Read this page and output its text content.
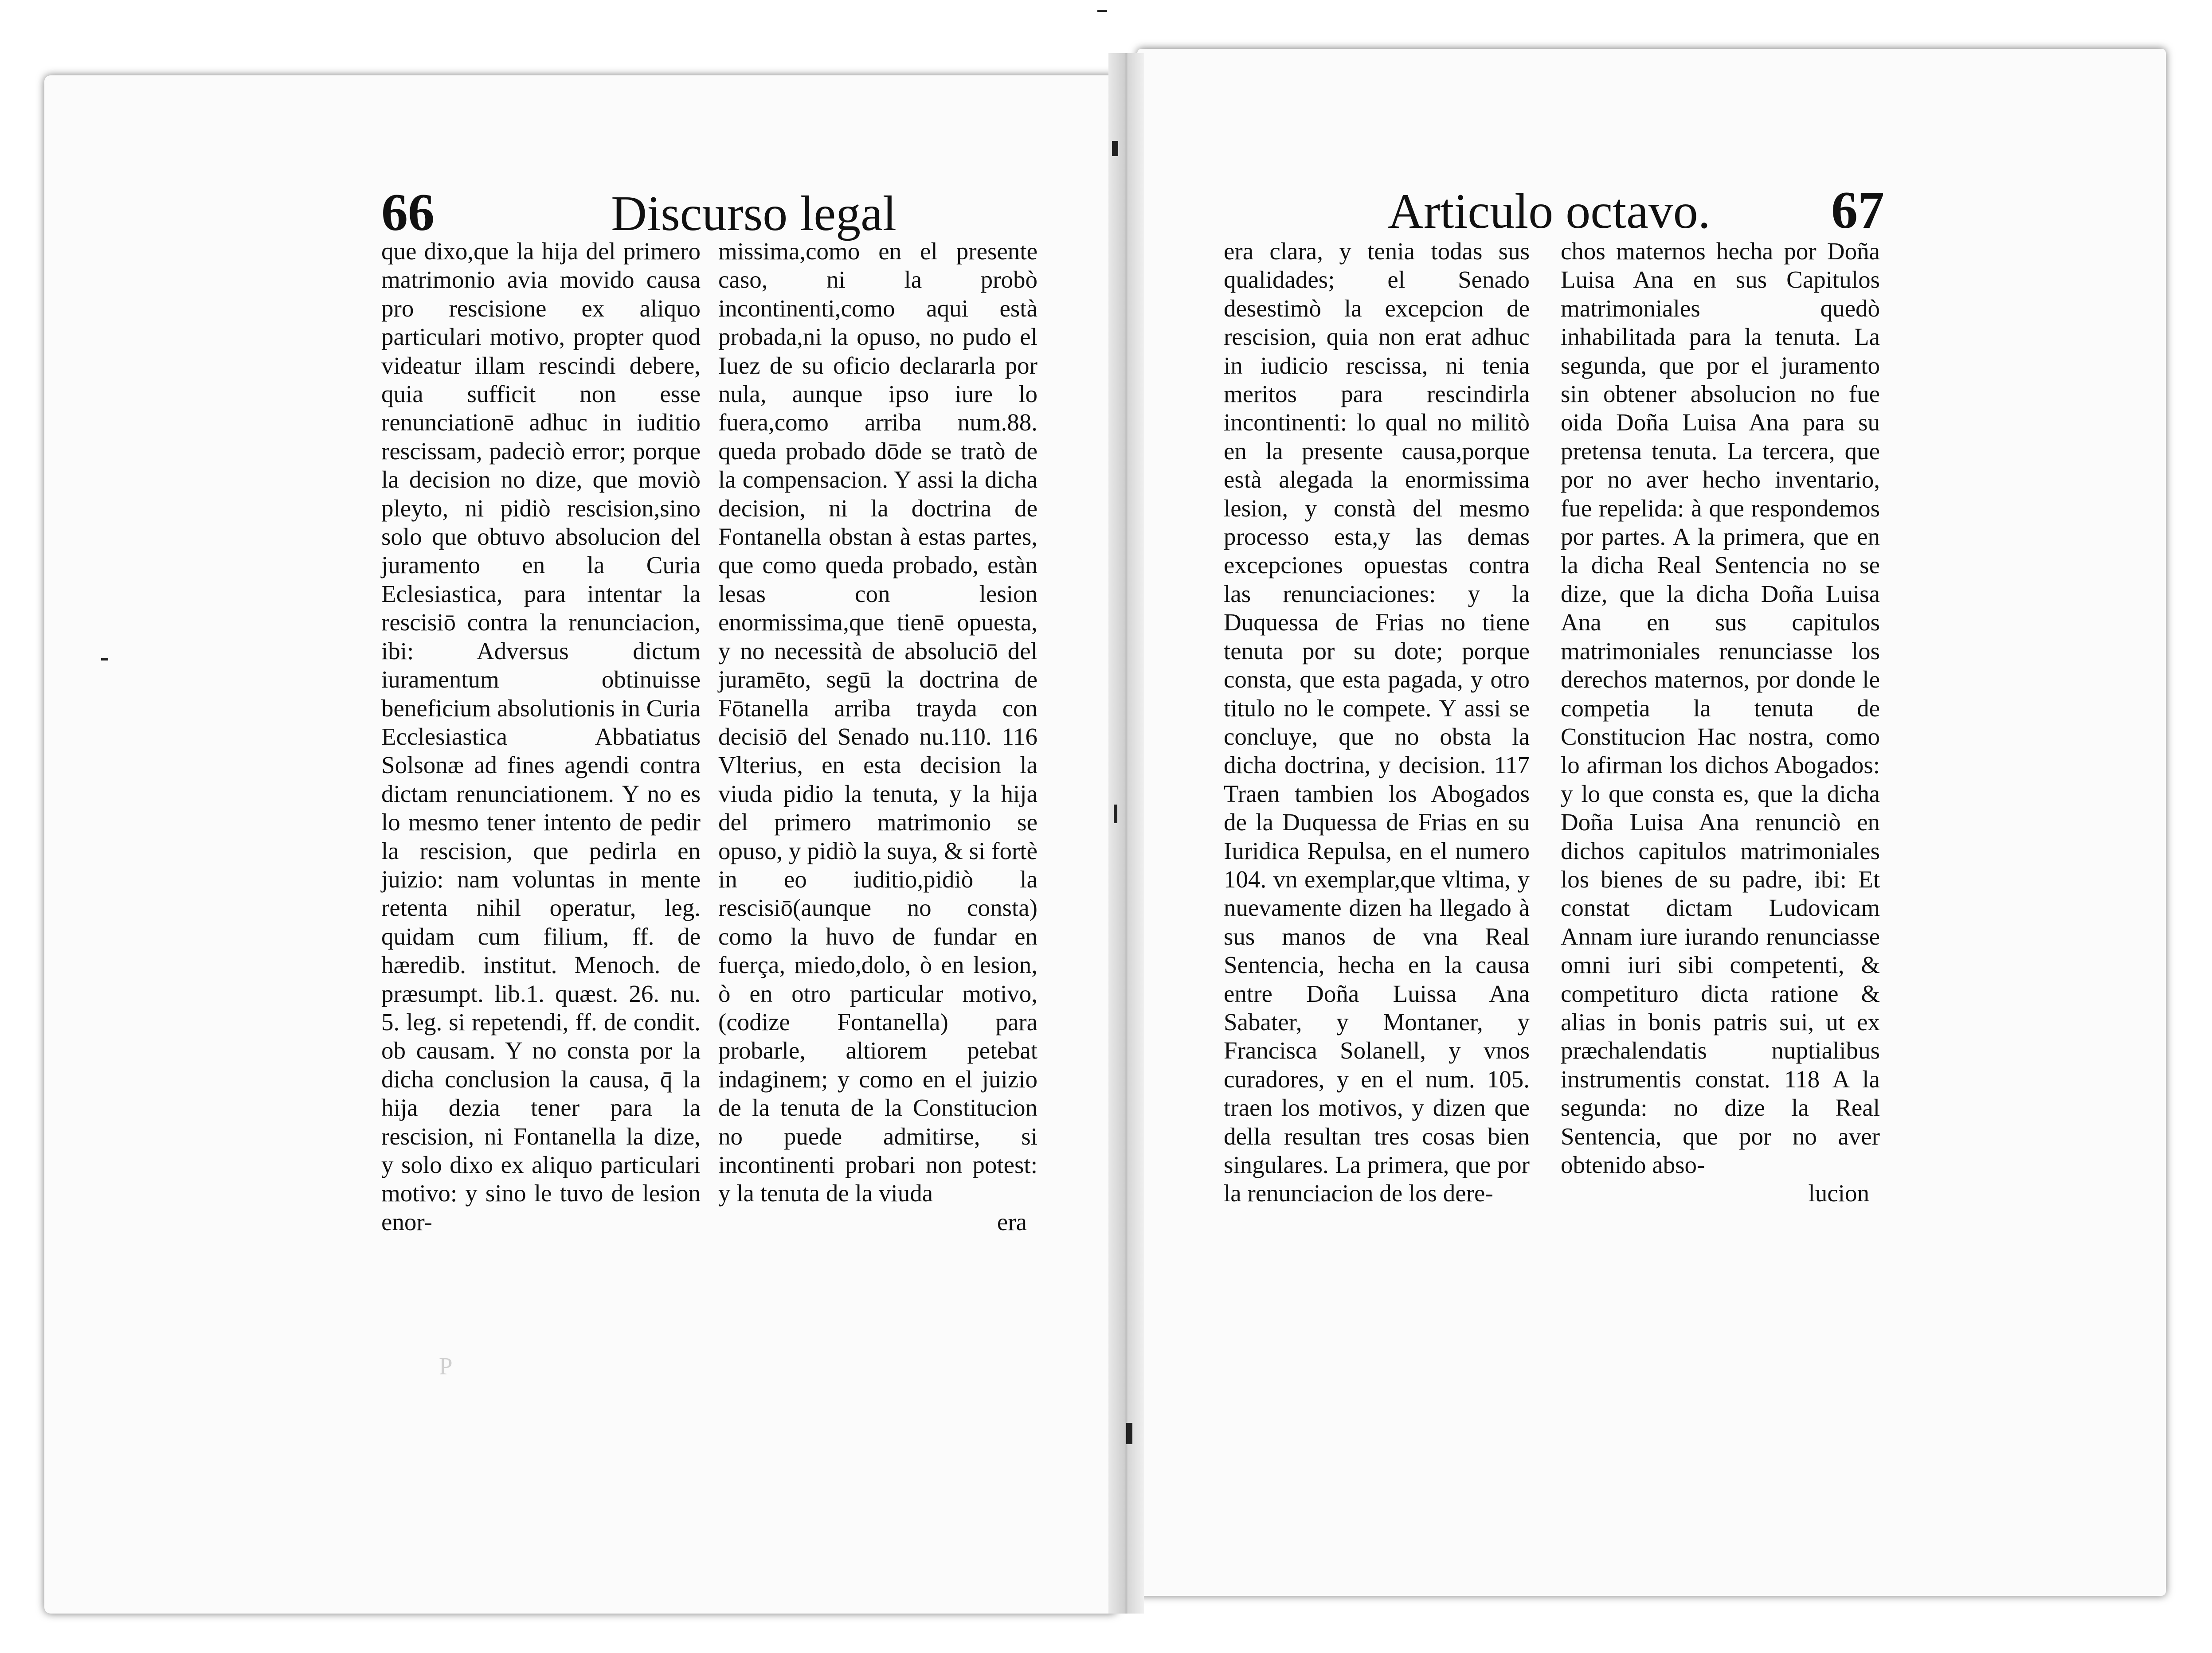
66	Discurso legal

que dixo,que la hija del primero matrimonio avia movido causa pro rescisione ex aliquo particulari motivo, propter quod videatur illam rescindi debere, quia sufficit non esse renunciationē adhuc in iuditio rescissam, padeciò error; porque la decision no dize, que moviò pleyto, ni pidiò rescision,sino solo que obtuvo absolucion del juramento en la Curia Eclesiastica, para intentar la rescisiō contra la renunciacion, ibi: Adversus dictum iuramentum obtinuisse beneficium absolutionis in Curia Ecclesiastica Abbatiatus Solsonæ ad fines agendi contra dictam renunciationem. Y no es lo mesmo tener intento de pedir la rescision, que pedirla en juizio: nam voluntas in mente retenta nihil operatur, leg. quidam cum filium, ff. de hæredib. institut. Menoch. de præsumpt. lib.1. quæst. 26. nu. 5. leg. si repetendi, ff. de condit. ob causam. Y no consta por la dicha conclusion la causa, q̄ la hija dezia tener para la rescision, ni Fontanella la dize, y solo dixo ex aliquo particulari motivo: y sino le tuvo de lesion enor-

missima,como en el presente caso, ni la probò incontinenti,como aqui està probada,ni la opuso, no pudo el Iuez de su oficio declararla por nula, aunque ipso iure lo fuera,como arriba num.88. queda probado dōde se tratò de la compensacion. Y assi la dicha decision, ni la doctrina de Fontanella obstan à estas partes, que como queda probado, estàn lesas con lesion enormissima,que tienē opuesta, y no necessità de absoluciō del juramēto, segū la doctrina de Fōtanella arriba trayda con decisiō del Senado nu.110. 116 Vlterius, en esta decision la viuda pidio la tenuta, y la hija del primero matrimonio se opuso, y pidiò la suya, & si fortè in eo iuditio,pidiò la rescisiō(aunque no consta) como la huvo de fundar en fuerça, miedo,dolo, ò en lesion, ò en otro particular motivo, (codize Fontanella) para probarle, altiorem petebat indaginem; y como en el juizio de la tenuta de la Constitucion no puede admitirse, si incontinenti probari non potest: y la tenuta de la viuda

era
P
Articulo octavo. 67

era clara, y tenia todas sus qualidades; el Senado desestimò la excepcion de rescision, quia non erat adhuc in iudicio rescissa, ni tenia meritos para rescindirla incontinenti: lo qual no militò en la presente causa,porque està alegada la enormissima lesion, y constà del mesmo processo esta,y las demas excepciones opuestas contra las renunciaciones: y la Duquessa de Frias no tiene tenuta por su dote; porque consta, que esta pagada, y otro titulo no le compete. Y assi se concluye, que no obsta la dicha doctrina, y decision. 117 Traen tambien los Abogados de la Duquessa de Frias en su Iuridica Repulsa, en el numero 104. vn exemplar,que vltima, y nuevamente dizen ha llegado à sus manos de vna Real Sentencia, hecha en la causa entre Doña Luissa Ana Sabater, y Montaner, y Francisca Solanell, y vnos curadores, y en el num. 105. traen los motivos, y dizen que della resultan tres cosas bien singulares. La primera, que por la renunciacion de los dere-

chos maternos hecha por Doña Luisa Ana en sus Capitulos matrimoniales quedò inhabilitada para la tenuta. La segunda, que por el juramento sin obtener absolucion no fue oida Doña Luisa Ana para su pretensa tenuta. La tercera, que por no aver hecho inventario, fue repelida: à que respondemos por partes. A la primera, que en la dicha Real Sentencia no se dize, que la dicha Doña Luisa Ana en sus capitulos matrimoniales renunciasse los derechos maternos, por donde le competia la tenuta de Constitucion Hac nostra, como lo afirman los dichos Abogados: y lo que consta es, que la dicha Doña Luisa Ana renunciò en dichos capitulos matrimoniales los bienes de su padre, ibi: Et constat dictam Ludovicam Annam iure iurando renunciasse omni iuri sibi competenti, & competituro dicta ratione & alias in bonis patris sui, ut ex præchalendatis nuptialibus instrumentis constat. 118 A la segunda: no dize la Real Sentencia, que por no aver obtenido abso-

lucion
